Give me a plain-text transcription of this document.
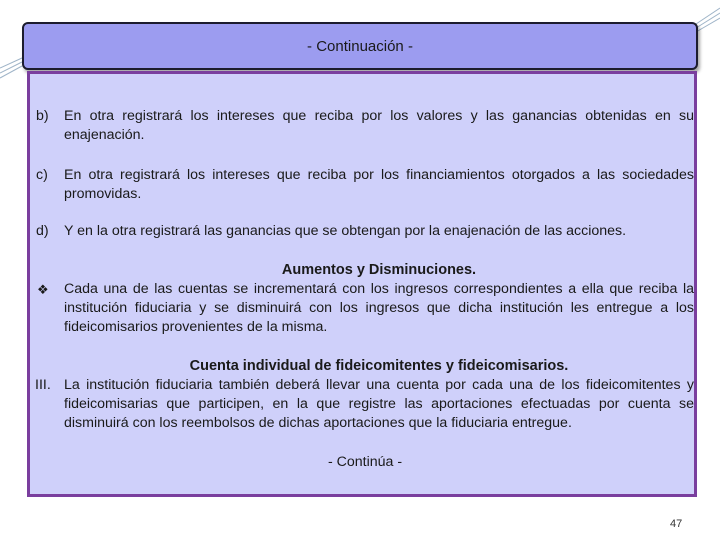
- Continuación -
b) En otra registrará los intereses que reciba por los valores y las ganancias obtenidas en su enajenación.
c) En otra registrará los intereses que reciba por los financiamientos otorgados a las sociedades promovidas.
d) Y en la otra registrará las ganancias que se obtengan por la enajenación de las acciones.
❖
Aumentos y Disminuciones.
Cada una de las cuentas se incrementará con los ingresos correspondientes a ella que reciba la institución fiduciaria y se disminuirá con los ingresos que dicha institución les entregue a los fideicomisarios provenientes de la misma.
III.
Cuenta individual de fideicomitentes y fideicomisarios.
La institución fiduciaria también deberá llevar una cuenta por cada una de los fideicomitentes y fideicomisarias que participen, en la que registre las aportaciones efectuadas por cuenta se disminuirá con los reembolsos de dichas aportaciones que la fiduciaria entregue.
- Continúa -
47
